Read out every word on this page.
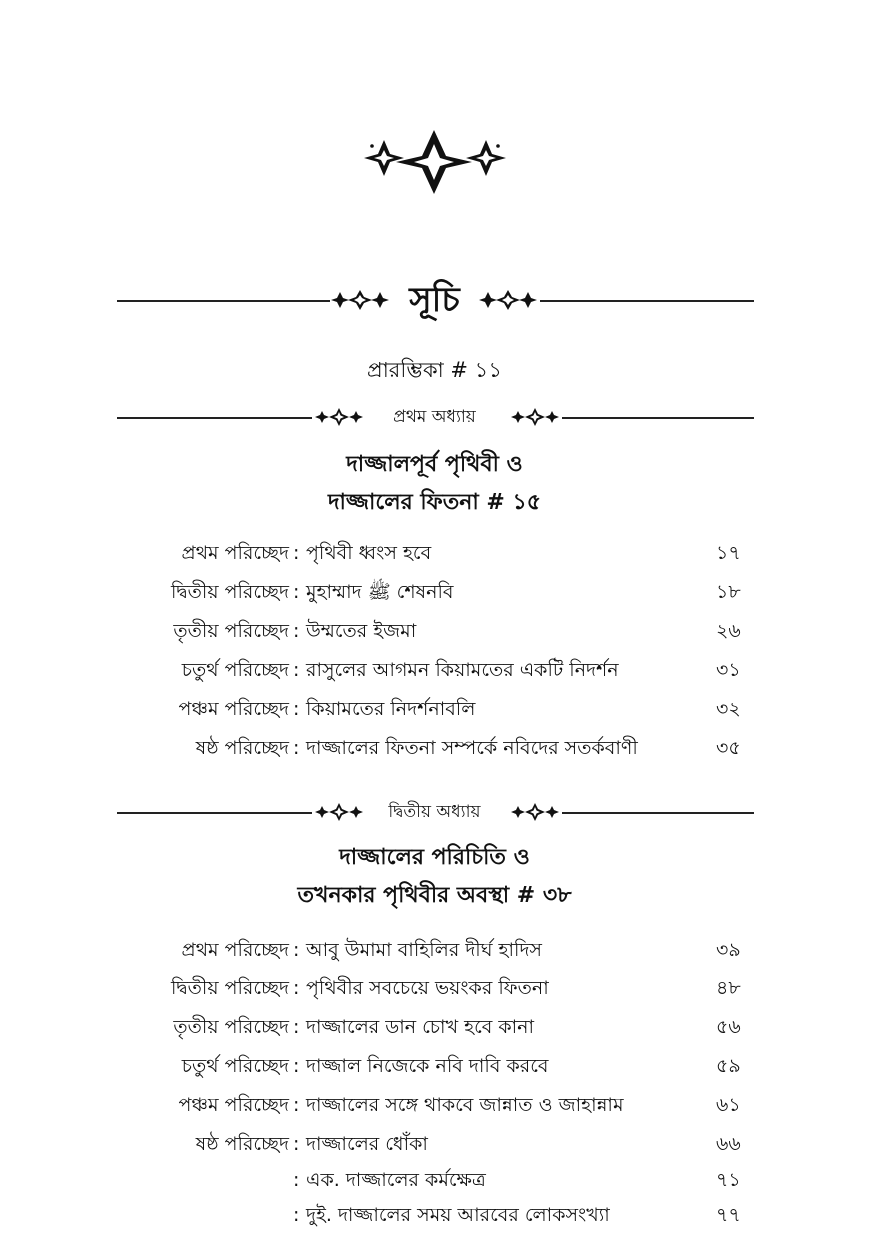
সূচি
প্রারম্ভিকা # ১১
প্রথম অধ্যায়
দাজ্জালপূর্ব পৃথিবী ও
দাজ্জালের ফিতনা # ১৫
প্রথম পরিচ্ছেদ : পৃথিবী ধ্বংস হবে	১৭
দ্বিতীয় পরিচ্ছেদ : মুহাম্মাদ ﷺ শেষনবি	১৮
তৃতীয় পরিচ্ছেদ : উম্মতের ইজমা	২৬
চতুর্থ পরিচ্ছেদ : রাসুলের আগমন কিয়ামতের একটি নিদর্শন	৩১
পঞ্চম পরিচ্ছেদ : কিয়ামতের নিদর্শনাবলি	৩২
ষষ্ঠ পরিচ্ছেদ : দাজ্জালের ফিতনা সম্পর্কে নবিদের সতর্কবাণী	৩৫
দ্বিতীয় অধ্যায়
দাজ্জালের পরিচিতি ও
তখনকার পৃথিবীর অবস্থা # ৩৮
প্রথম পরিচ্ছেদ : আবু উমামা বাহিলির দীর্ঘ হাদিস	৩৯
দ্বিতীয় পরিচ্ছেদ : পৃথিবীর সবচেয়ে ভয়ংকর ফিতনা	৪৮
তৃতীয় পরিচ্ছেদ : দাজ্জালের ডান চোখ হবে কানা	৫৬
চতুর্থ পরিচ্ছেদ : দাজ্জাল নিজেকে নবি দাবি করবে	৫৯
পঞ্চম পরিচ্ছেদ : দাজ্জালের সঙ্গে থাকবে জান্নাত ও জাহান্নাম	৬১
ষষ্ঠ পরিচ্ছেদ : দাজ্জালের ধোঁকা	৬৬
: এক. দাজ্জালের কর্মক্ষেত্র	৭১
: দুই. দাজ্জালের সময় আরবের লোকসংখ্যা	৭৭
